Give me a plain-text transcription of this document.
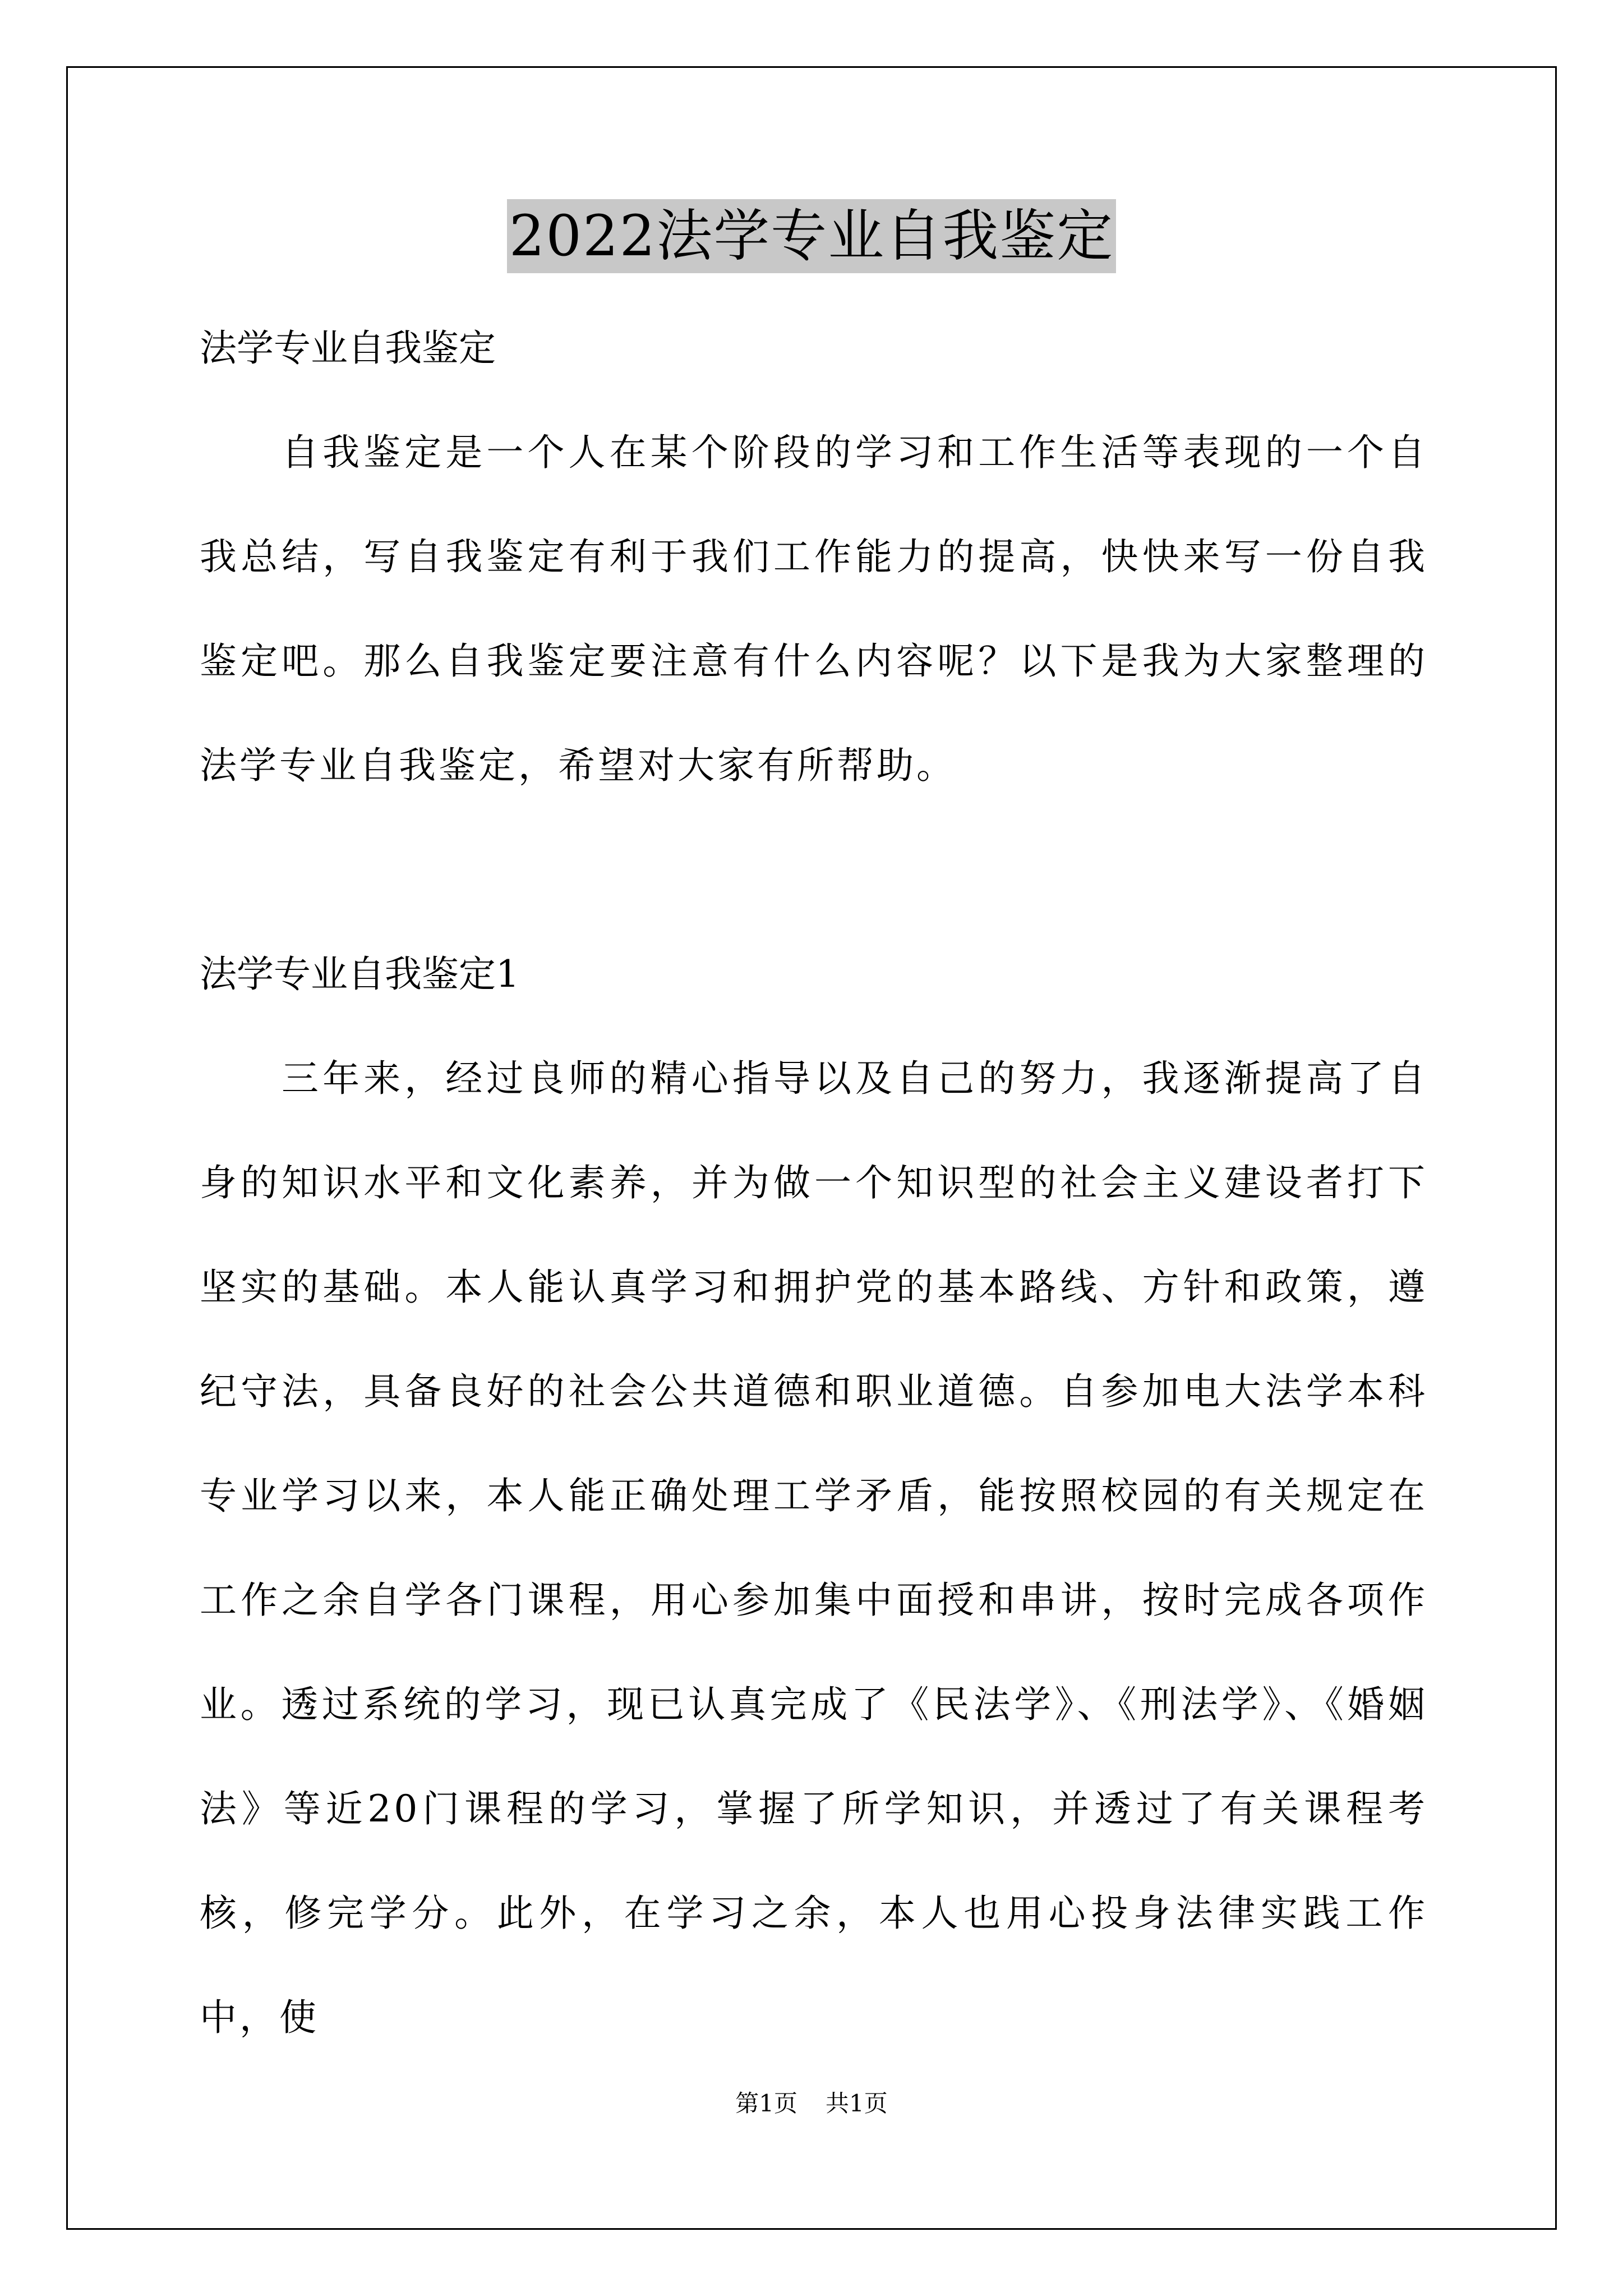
2022法学专业自我鉴定

法学专业自我鉴定

自我鉴定是一个人在某个阶段的学习和工作生活等表现的一个自我总结，写自我鉴定有利于我们工作能力的提高，快快来写一份自我鉴定吧。那么自我鉴定要注意有什么内容呢？以下是我为大家整理的法学专业自我鉴定，希望对大家有所帮助。

法学专业自我鉴定1

三年来，经过良师的精心指导以及自己的努力，我逐渐提高了自身的知识水平和文化素养，并为做一个知识型的社会主义建设者打下坚实的基础。本人能认真学习和拥护党的基本路线、方针和政策，遵纪守法，具备良好的社会公共道德和职业道德。自参加电大法学本科专业学习以来，本人能正确处理工学矛盾，能按照校园的有关规定在工作之余自学各门课程，用心参加集中面授和串讲，按时完成各项作业。透过系统的学习，现已认真完成了《民法学》、《刑法学》、《婚姻法》等近20门课程的学习，掌握了所学知识，并透过了有关课程考核，修完学分。此外，在学习之余，本人也用心投身法律实践工作中，使

第1页 共1页
